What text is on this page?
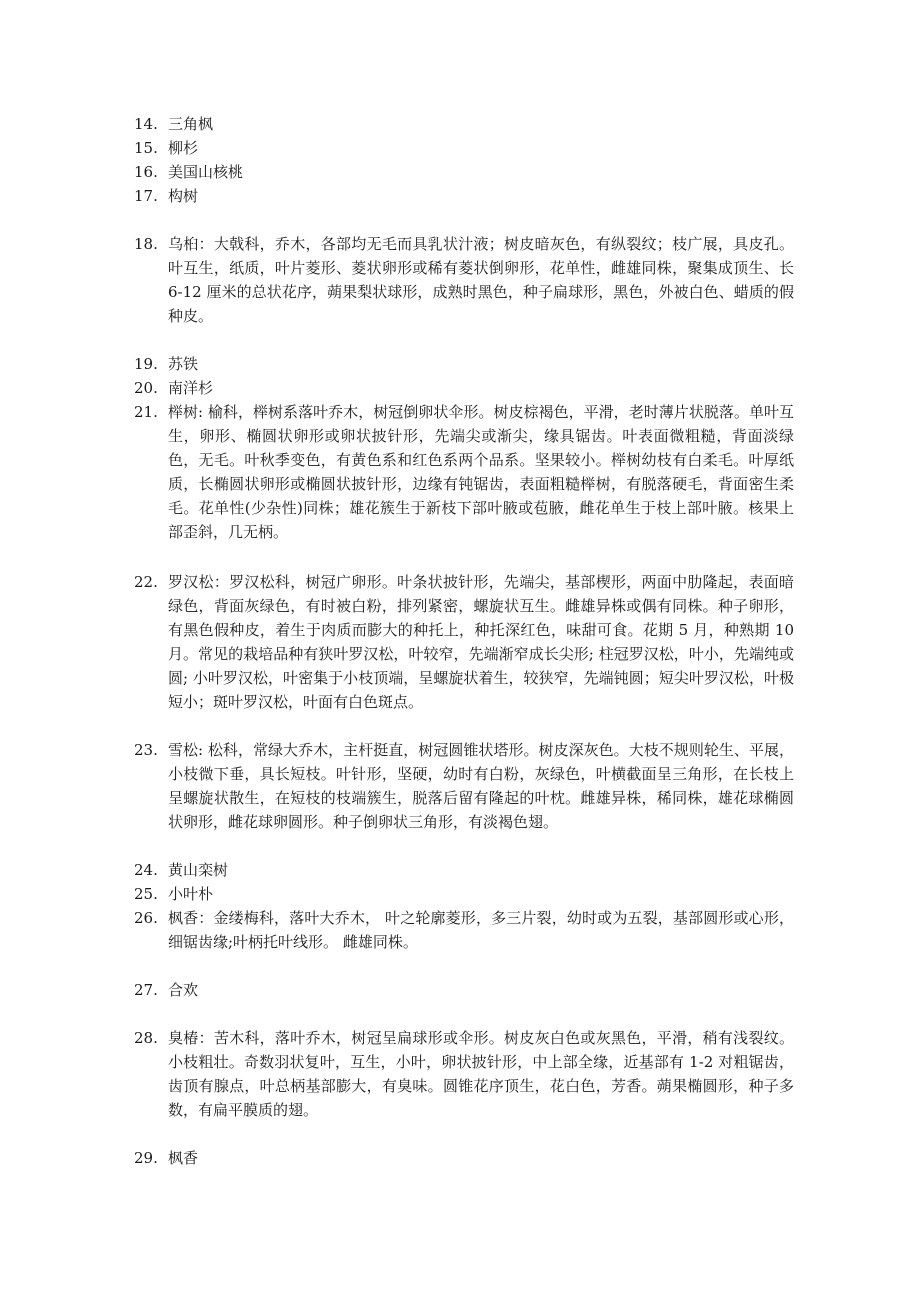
14. 三角枫
15. 柳杉
16. 美国山核桃
17. 构树
18. 乌桕：大戟科，乔木，各部均无毛而具乳状汁液；树皮暗灰色，有纵裂纹；枝广展，具皮孔。叶互生，纸质，叶片菱形、菱状卵形或稀有菱状倒卵形，花单性，雌雄同株，聚集成顶生、长 6-12 厘米的总状花序，蒴果梨状球形，成熟时黑色，种子扁球形，黑色，外被白色、蜡质的假种皮。
19. 苏铁
20. 南洋杉
21. 榉树: 榆科，榉树系落叶乔木，树冠倒卵状伞形。树皮棕褐色，平滑，老时薄片状脱落。单叶互生，卵形、椭圆状卵形或卵状披针形，先端尖或渐尖，缘具锯齿。叶表面微粗糙，背面淡绿色，无毛。叶秋季变色，有黄色系和红色系两个品系。坚果较小。榉树幼枝有白柔毛。叶厚纸质，长椭圆状卵形或椭圆状披针形，边缘有钝锯齿，表面粗糙榉树，有脱落硬毛，背面密生柔毛。花单性(少杂性)同株；雄花簇生于新枝下部叶腋或苞腋，雌花单生于枝上部叶腋。核果上部歪斜，几无柄。
22. 罗汉松：罗汉松科，树冠广卵形。叶条状披针形，先端尖，基部楔形，两面中肋隆起，表面暗绿色，背面灰绿色，有时被白粉，排列紧密，螺旋状互生。雌雄异株或偶有同株。种子卵形，有黑色假种皮，着生于肉质而膨大的种托上，种托深红色，味甜可食。花期 5 月，种熟期 10 月。常见的栽培品种有狭叶罗汉松，叶较窄，先端渐窄成长尖形; 柱冠罗汉松，叶小，先端纯或圆; 小叶罗汉松，叶密集于小枝顶端，呈螺旋状着生，较狭窄，先端钝圆；短尖叶罗汉松，叶极短小；斑叶罗汉松，叶面有白色斑点。
23. 雪松: 松科，常绿大乔木，主杆挺直，树冠圆锥状塔形。树皮深灰色。大枝不规则轮生、平展，小枝微下垂，具长短枝。叶针形，坚硬，幼时有白粉，灰绿色，叶横截面呈三角形，在长枝上呈螺旋状散生，在短枝的枝端簇生，脱落后留有隆起的叶枕。雌雄异株，稀同株，雄花球椭圆状卵形，雌花球卵圆形。种子倒卵状三角形，有淡褐色翅。
24. 黄山栾树
25. 小叶朴
26. 枫香：金缕梅科，落叶大乔木， 叶之轮廓菱形，多三片裂，幼时或为五裂，基部圆形或心形，细锯齿缘;叶柄托叶线形。 雌雄同株。
27. 合欢
28. 臭椿：苦木科，落叶乔木，树冠呈扁球形或伞形。树皮灰白色或灰黑色，平滑，稍有浅裂纹。小枝粗壮。奇数羽状复叶，互生，小叶，卵状披针形，中上部全缘，近基部有 1-2 对粗锯齿，齿顶有腺点，叶总柄基部膨大，有臭味。圆锥花序顶生，花白色，芳香。蒴果椭圆形，种子多数，有扁平膜质的翅。
29. 枫香
